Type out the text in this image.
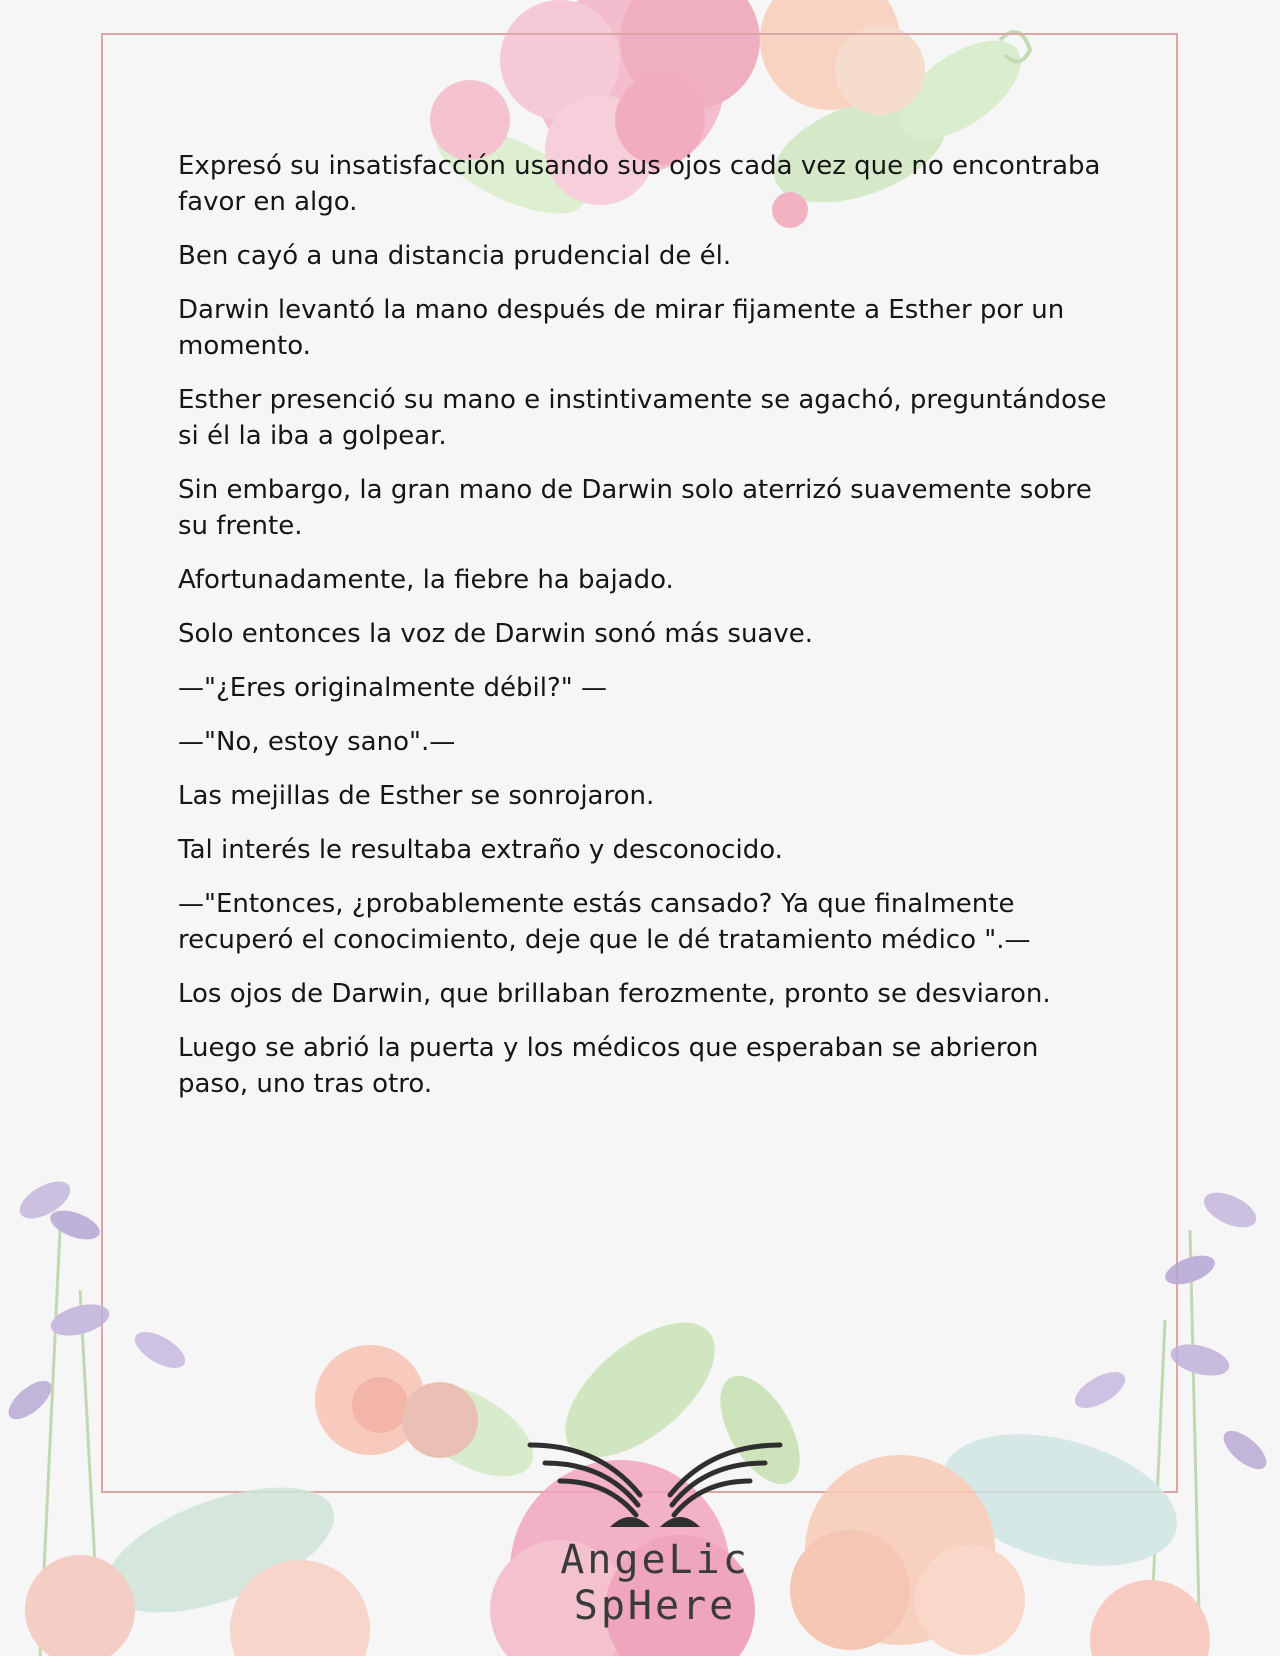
Expresó su insatisfacción usando sus ojos cada vez que no encontraba favor en algo.

Ben cayó a una distancia prudencial de él.

Darwin levantó la mano después de mirar fijamente a Esther por un momento.

Esther presenció su mano e instintivamente se agachó, preguntándose si él la iba a golpear.

Sin embargo, la gran mano de Darwin solo aterrizó suavemente sobre su frente.

Afortunadamente, la fiebre ha bajado.

Solo entonces la voz de Darwin sonó más suave.

—"¿Eres originalmente débil?" —

—"No, estoy sano".—

Las mejillas de Esther se sonrojaron.

Tal interés le resultaba extraño y desconocido.

—"Entonces, ¿probablemente estás cansado? Ya que finalmente recuperó el conocimiento, deje que le dé tratamiento médico ".—

Los ojos de Darwin, que brillaban ferozmente, pronto se desviaron.

Luego se abrió la puerta y los médicos que esperaban se abrieron paso, uno tras otro.

AngeLic SpHere
